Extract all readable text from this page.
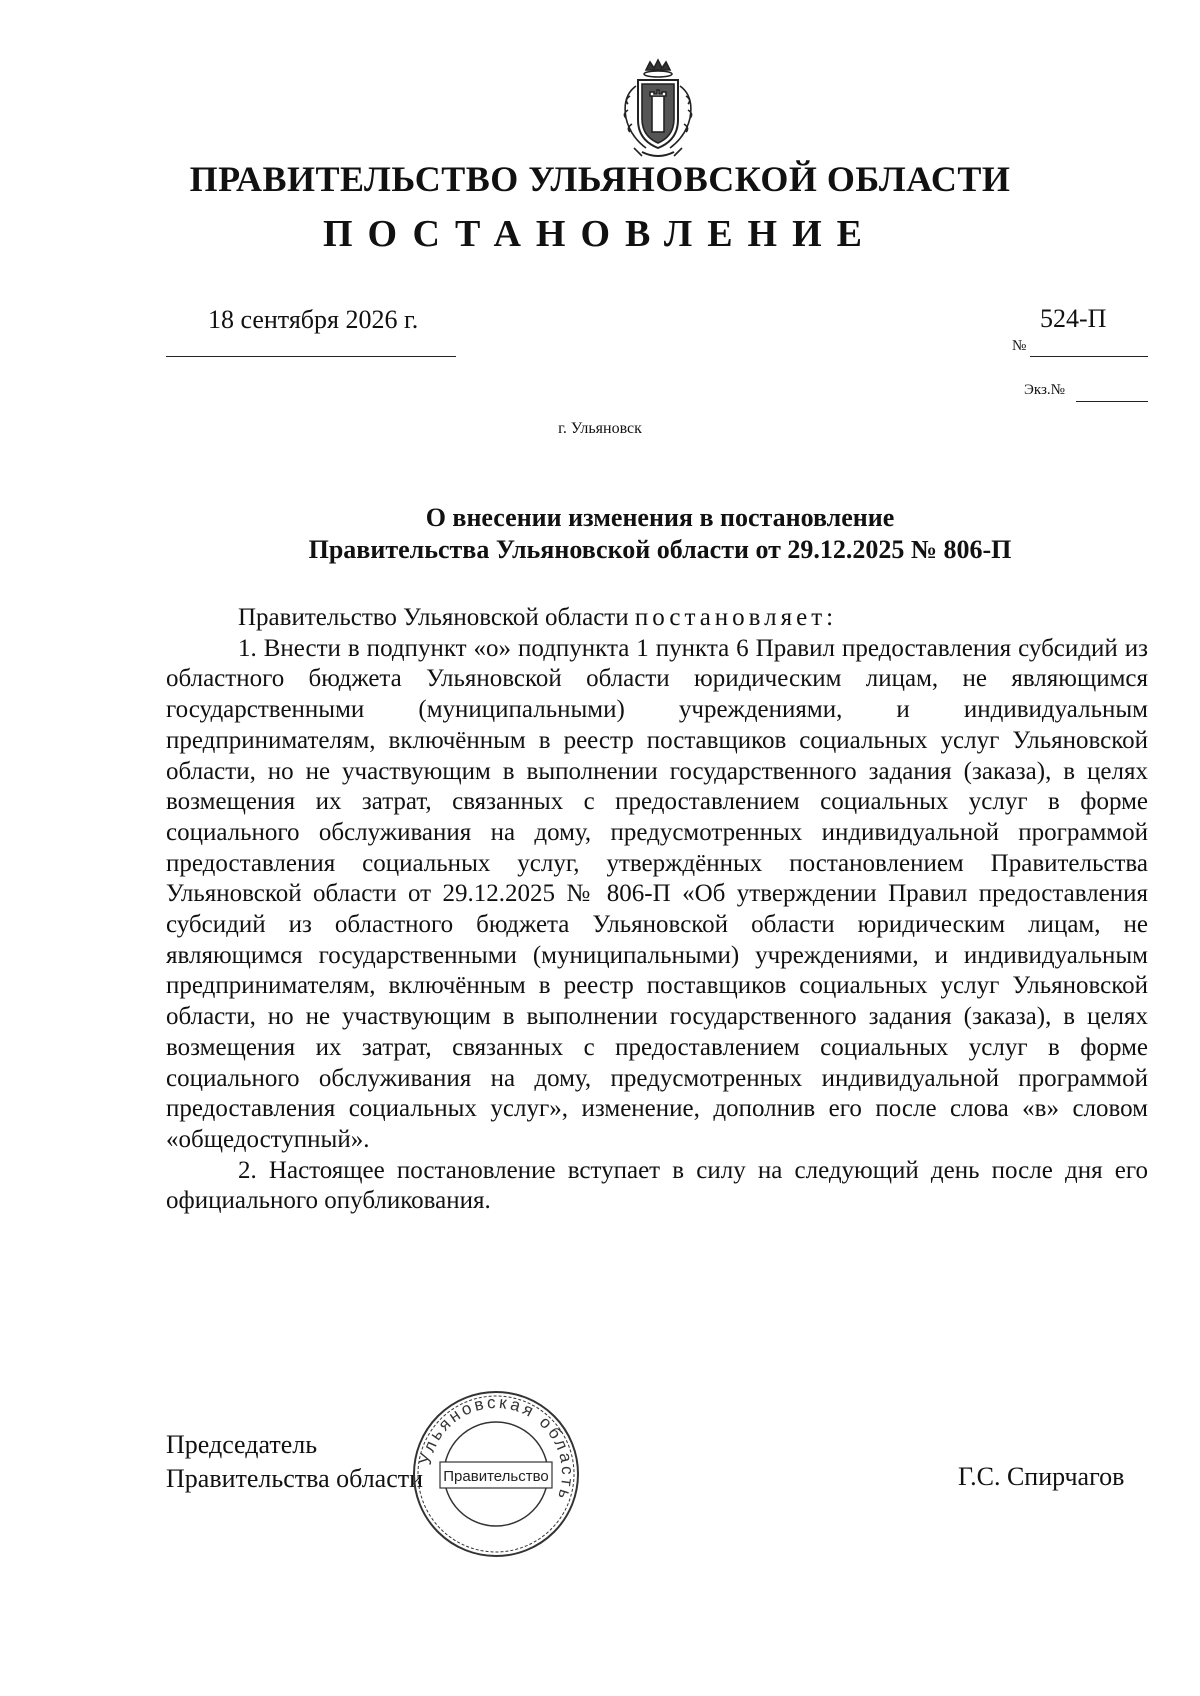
ПРАВИТЕЛЬСТВО УЛЬЯНОВСКОЙ ОБЛАСТИ
ПОСТАНОВЛЕНИЕ
18 сентября 2026 г.	524-П
№
Экз.№
г. Ульяновск
О внесении изменения в постановление
Правительства Ульяновской области от 29.12.2025 № 806-П

Правительство Ульяновской области постановляет:

1. Внести в подпункт «о» подпункта 1 пункта 6 Правил предоставления субсидий из областного бюджета Ульяновской области юридическим лицам, не являющимся государственными (муниципальными) учреждениями, и индивидуальным предпринимателям, включённым в реестр поставщиков социальных услуг Ульяновской области, но не участвующим в выполнении государственного задания (заказа), в целях возмещения их затрат, связанных с предоставлением социальных услуг в форме социального обслуживания на дому, предусмотренных индивидуальной программой предоставления социальных услуг, утверждённых постановлением Правительства Ульяновской области от 29.12.2025 № 806-П «Об утверждении Правил предоставления субсидий из областного бюджета Ульяновской области юридическим лицам, не являющимся государственными (муниципальными) учреждениями, и индивидуальным предпринимателям, включённым в реестр поставщиков социальных услуг Ульяновской области, но не участвующим в выполнении государственного задания (заказа), в целях возмещения их затрат, связанных с предоставлением социальных услуг в форме социального обслуживания на дому, предусмотренных индивидуальной программой предоставления социальных услуг», изменение, дополнив его после слова «в» словом «общедоступный».

2. Настоящее постановление вступает в силу на следующий день после дня его официального опубликования.

Председатель
Правительства области	Г.С. Спирчагов
Ульяновская область
Правительство
